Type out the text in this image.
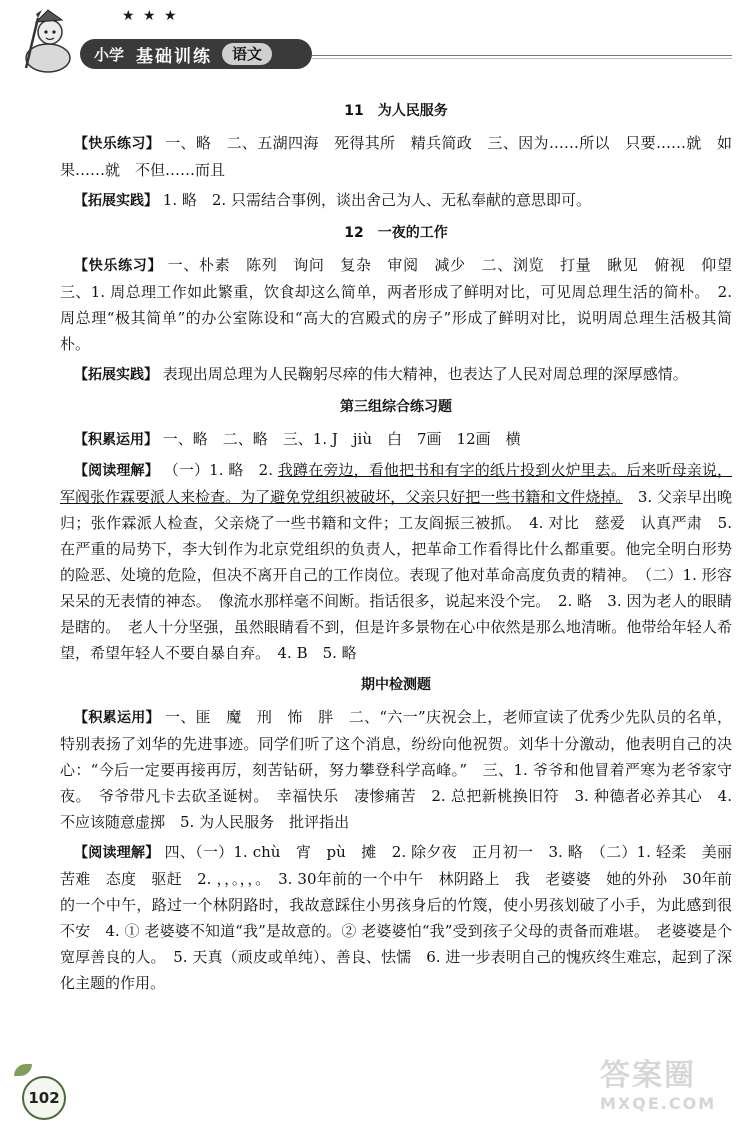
★ ★ ★
小学 基础训练	语文
11　为人民服务

【快乐练习】 一、略　二、五湖四海　死得其所　精兵简政　三、因为……所以　只要……就　如果……就　不但……而且

【拓展实践】 1. 略　2. 只需结合事例，谈出舍己为人、无私奉献的意思即可。

12　一夜的工作

【快乐练习】 一、朴素　陈列　询问　复杂　审阅　减少　二、浏览　打量　瞅见　俯视　仰望　三、1. 周总理工作如此繁重，饮食却这么简单，两者形成了鲜明对比，可见周总理生活的简朴。　2. 周总理“极其简单”的办公室陈设和“高大的宫殿式的房子”形成了鲜明对比，说明周总理生活极其简朴。

【拓展实践】 表现出周总理为人民鞠躬尽瘁的伟大精神，也表达了人民对周总理的深厚感情。

第三组综合练习题

【积累运用】 一、略　二、略　三、1. J　jiù　白　7画　12画　横

【阅读理解】 （一）1. 略　2. 我蹲在旁边，看他把书和有字的纸片投到火炉里去。后来听母亲说，军阀张作霖要派人来检查。为了避免党组织被破坏，父亲只好把一些书籍和文件烧掉。　3. 父亲早出晚归；张作霖派人检查，父亲烧了一些书籍和文件；工友阎振三被抓。　4. 对比　慈爱　认真严肃　5. 在严重的局势下，李大钊作为北京党组织的负责人，把革命工作看得比什么都重要。他完全明白形势的险恶、处境的危险，但决不离开自己的工作岗位。表现了他对革命高度负责的精神。　（二）1. 形容呆呆的无表情的神态。　像流水那样毫不间断。指话很多，说起来没个完。　2. 略　3. 因为老人的眼睛是瞎的。　老人十分坚强，虽然眼睛看不到，但是许多景物在心中依然是那么地清晰。他带给年轻人希望，希望年轻人不要自暴自弃。　4. B　5. 略

期中检测题

【积累运用】 一、匪　魔　刑　怖　胖　二、“六一”庆祝会上，老师宣读了优秀少先队员的名单，特别表扬了刘华的先进事迹。同学们听了这个消息，纷纷向他祝贺。刘华十分激动，他表明自己的决心：“今后一定要再接再厉，刻苦钻研，努力攀登科学高峰。”　三、1. 爷爷和他冒着严寒为老爷家守夜。　爷爷带凡卡去砍圣诞树。　幸福快乐　凄惨痛苦　2. 总把新桃换旧符　3. 种德者必养其心　4. 不应该随意虚掷　5. 为人民服务　批评指出

【阅读理解】 四、（一）1. chù　宵　pù　摊　2. 除夕夜　正月初一　3. 略　（二）1. 轻柔　美丽　苦难　态度　驱赶　2. ，，。，，。　3. 30年前的一个中午　林阴路上　我　老婆婆　她的外孙　30年前的一个中午，路过一个林阴路时，我故意踩住小男孩身后的竹篾，使小男孩划破了小手，为此感到很不安　4. ① 老婆婆不知道“我”是故意的。② 老婆婆怕“我”受到孩子父母的责备而难堪。　老婆婆是个宽厚善良的人。　5. 天真（顽皮或单纯）、善良、怯懦　6. 进一步表明自己的愧疚终生难忘，起到了深化主题的作用。

102
答案圈
MXQE.COM
